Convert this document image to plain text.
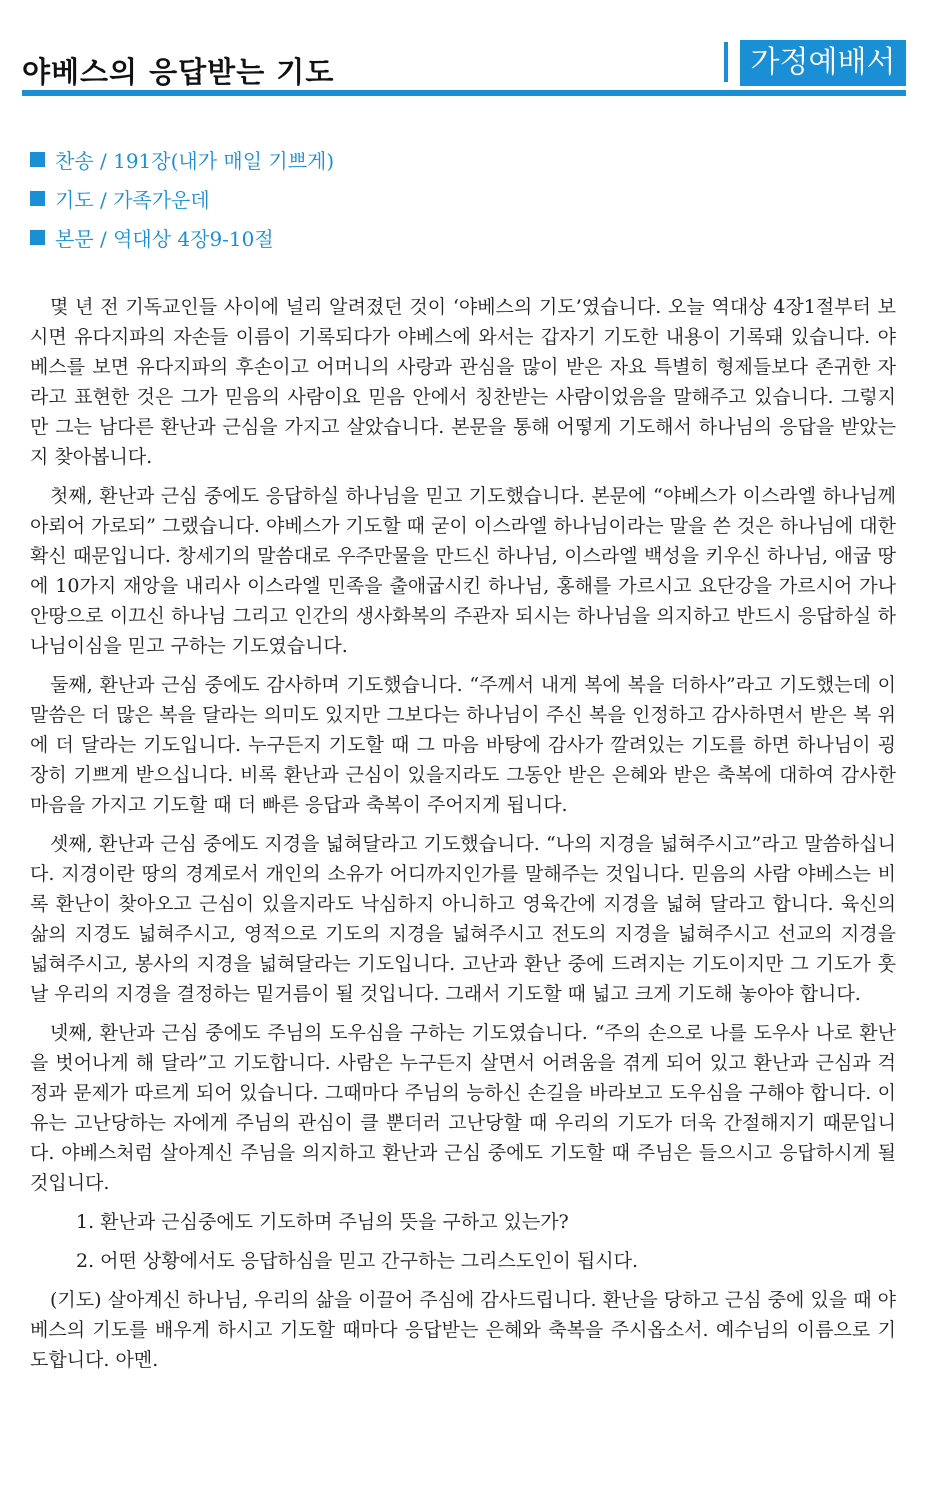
야베스의 응답받는 기도	가정예배서
찬송 / 191장(내가 매일 기쁘게)
기도 / 가족가운데
본문 / 역대상 4장9-10절

몇 년 전 기독교인들 사이에 널리 알려졌던 것이 ‘야베스의 기도’였습니다. 오늘 역대상 4장1절부터 보시면 유다지파의 자손들 이름이 기록되다가 야베스에 와서는 갑자기 기도한 내용이 기록돼 있습니다. 야베스를 보면 유다지파의 후손이고 어머니의 사랑과 관심을 많이 받은 자요 특별히 형제들보다 존귀한 자라고 표현한 것은 그가 믿음의 사람이요 믿음 안에서 칭찬받는 사람이었음을 말해주고 있습니다. 그렇지만 그는 남다른 환난과 근심을 가지고 살았습니다. 본문을 통해 어떻게 기도해서 하나님의 응답을 받았는지 찾아봅니다.

첫째, 환난과 근심 중에도 응답하실 하나님을 믿고 기도했습니다. 본문에 “야베스가 이스라엘 하나님께 아뢰어 가로되” 그랬습니다. 야베스가 기도할 때 굳이 이스라엘 하나님이라는 말을 쓴 것은 하나님에 대한 확신 때문입니다. 창세기의 말씀대로 우주만물을 만드신 하나님, 이스라엘 백성을 키우신 하나님, 애굽 땅에 10가지 재앙을 내리사 이스라엘 민족을 출애굽시킨 하나님, 홍해를 가르시고 요단강을 가르시어 가나안땅으로 이끄신 하나님 그리고 인간의 생사화복의 주관자 되시는 하나님을 의지하고 반드시 응답하실 하나님이심을 믿고 구하는 기도였습니다.

둘째, 환난과 근심 중에도 감사하며 기도했습니다. “주께서 내게 복에 복을 더하사”라고 기도했는데 이 말씀은 더 많은 복을 달라는 의미도 있지만 그보다는 하나님이 주신 복을 인정하고 감사하면서 받은 복 위에 더 달라는 기도입니다. 누구든지 기도할 때 그 마음 바탕에 감사가 깔려있는 기도를 하면 하나님이 굉장히 기쁘게 받으십니다. 비록 환난과 근심이 있을지라도 그동안 받은 은혜와 받은 축복에 대하여 감사한 마음을 가지고 기도할 때 더 빠른 응답과 축복이 주어지게 됩니다.

셋째, 환난과 근심 중에도 지경을 넓혀달라고 기도했습니다. “나의 지경을 넓혀주시고”라고 말씀하십니다. 지경이란 땅의 경계로서 개인의 소유가 어디까지인가를 말해주는 것입니다. 믿음의 사람 야베스는 비록 환난이 찾아오고 근심이 있을지라도 낙심하지 아니하고 영육간에 지경을 넓혀 달라고 합니다. 육신의 삶의 지경도 넓혀주시고, 영적으로 기도의 지경을 넓혀주시고 전도의 지경을 넓혀주시고 선교의 지경을 넓혀주시고, 봉사의 지경을 넓혀달라는 기도입니다. 고난과 환난 중에 드려지는 기도이지만 그 기도가 훗날 우리의 지경을 결정하는 밑거름이 될 것입니다. 그래서 기도할 때 넓고 크게 기도해 놓아야 합니다.

넷째, 환난과 근심 중에도 주님의 도우심을 구하는 기도였습니다. “주의 손으로 나를 도우사 나로 환난을 벗어나게 해 달라”고 기도합니다. 사람은 누구든지 살면서 어려움을 겪게 되어 있고 환난과 근심과 걱정과 문제가 따르게 되어 있습니다. 그때마다 주님의 능하신 손길을 바라보고 도우심을 구해야 합니다. 이유는 고난당하는 자에게 주님의 관심이 클 뿐더러 고난당할 때 우리의 기도가 더욱 간절해지기 때문입니다. 야베스처럼 살아계신 주님을 의지하고 환난과 근심 중에도 기도할 때 주님은 들으시고 응답하시게 될 것입니다.

1. 환난과 근심중에도 기도하며 주님의 뜻을 구하고 있는가?

2. 어떤 상황에서도 응답하심을 믿고 간구하는 그리스도인이 됩시다.

(기도) 살아계신 하나님, 우리의 삶을 이끌어 주심에 감사드립니다. 환난을 당하고 근심 중에 있을 때 야베스의 기도를 배우게 하시고 기도할 때마다 응답받는 은혜와 축복을 주시옵소서. 예수님의 이름으로 기도합니다. 아멘.
